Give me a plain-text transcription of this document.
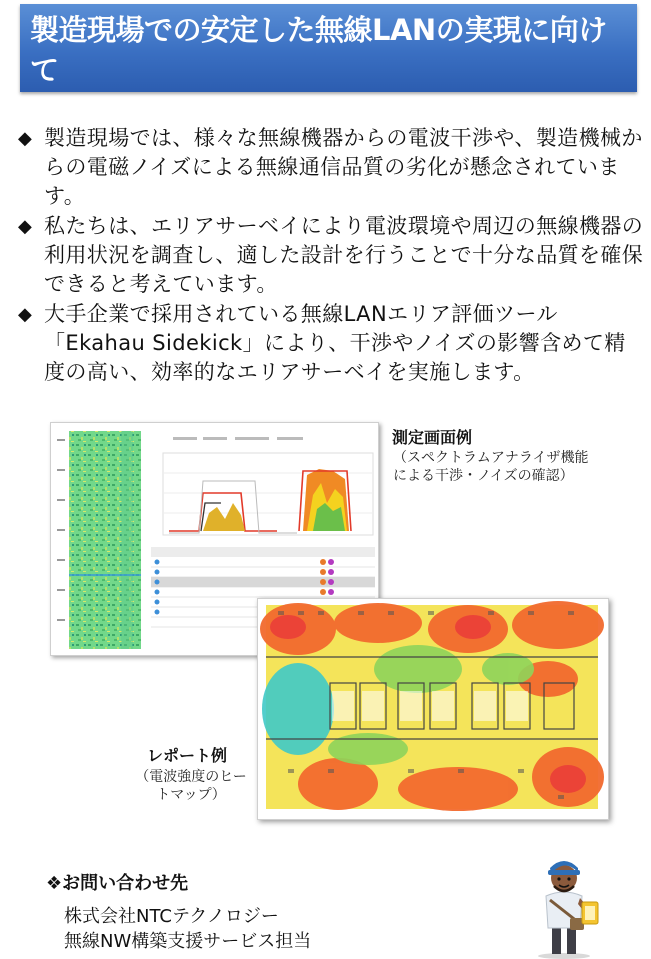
製造現場での安定した無線LANの実現に向けて
◆ 製造現場では、様々な無線機器からの電波干渉や、製造機械からの電磁ノイズによる無線通信品質の劣化が懸念されています。
◆ 私たちは、エリアサーベイにより電波環境や周辺の無線機器の利用状況を調査し、適した設計を行うことで十分な品質を確保できると考えています。
◆ 大手企業で採用されている無線LANエリア評価ツール「Ekahau Sidekick」により、干渉やノイズの影響含めて精度の高い、効率的なエリアサーベイを実施します。

測定画面例

（スペクトラムアナライザ機能による干渉・ノイズの確認）

レポート例

（電波強度のヒートマップ）

❖お問い合わせ先

株式会社NTCテクノロジー

無線NW構築支援サービス担当
